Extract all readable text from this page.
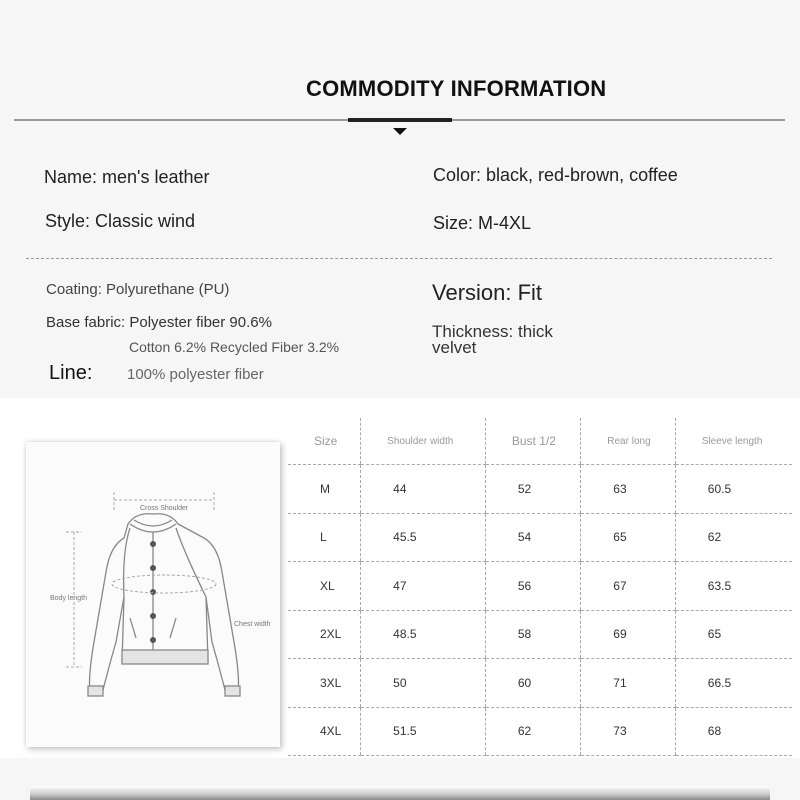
COMMODITY INFORMATION
Name: men's leather	Color: black, red-brown, coffee
Style: Classic wind	Size: M-4XL
Coating: Polyurethane (PU)	Version: Fit
Base fabric: Polyester fiber 90.6%
Cotton 6.2% Recycled Fiber 3.2%
Thickness: thick
velvet
Line: 100% polyester fiber
Cross Shoulder
Body length
Chest width
Size	Shoulder width	Bust 1/2	Rear long	Sleeve length
M	44	52	63	60.5
L	45.5	54	65	62
XL	47	56	67	63.5
2XL	48.5	58	69	65
3XL	50	60	71	66.5
4XL	51.5	62	73	68
